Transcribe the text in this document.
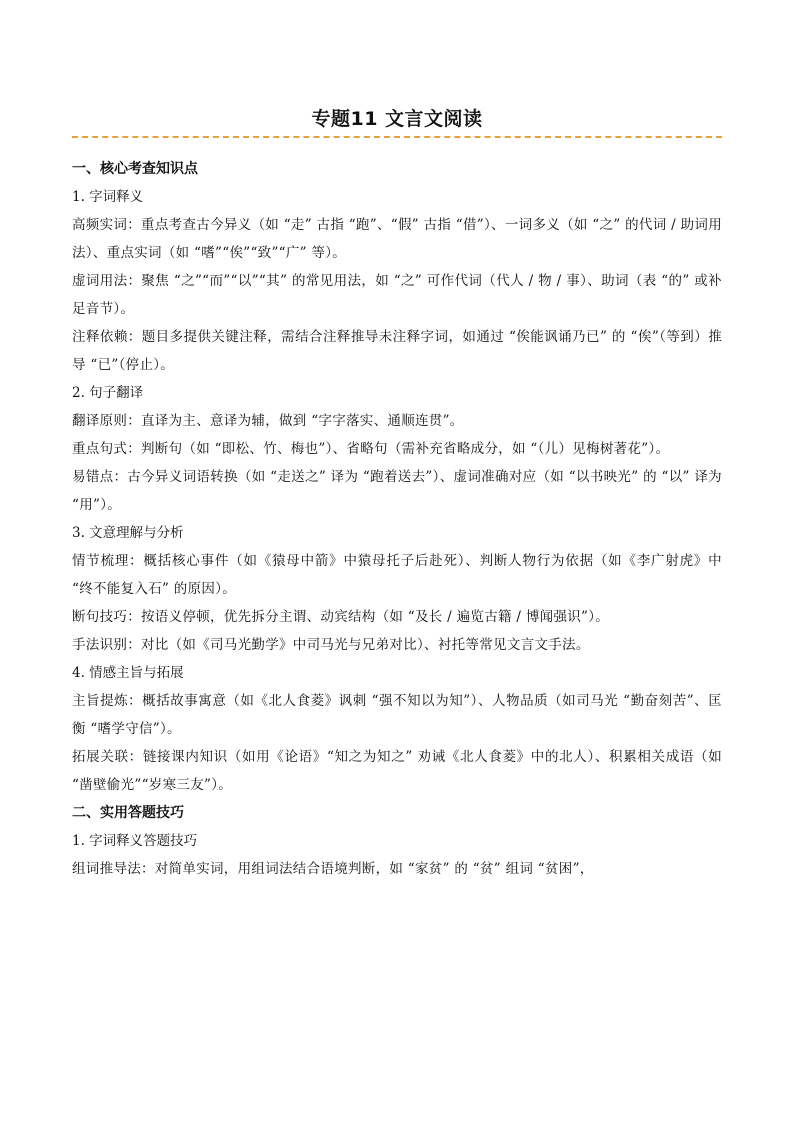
专题11 文言文阅读

一、核心考查知识点

1. 字词释义

高频实词：重点考查古今异义（如 “走” 古指 “跑”、“假” 古指 “借”）、一词多义（如 “之” 的代词 / 助词用法）、重点实词（如 “嗜”“俟”“致”“广” 等）。

虚词用法：聚焦 “之”“而”“以”“其” 的常见用法，如 “之” 可作代词（代人 / 物 / 事）、助词（表 “的” 或补足音节）。

注释依赖：题目多提供关键注释，需结合注释推导未注释字词，如通过 “俟能讽诵乃已” 的 “俟”（等到）推导 “已”（停止）。

2. 句子翻译

翻译原则：直译为主、意译为辅，做到 “字字落实、通顺连贯”。

重点句式：判断句（如 “即松、竹、梅也”）、省略句（需补充省略成分，如 “（儿）见梅树著花”）。

易错点：古今异义词语转换（如 “走送之” 译为 “跑着送去”）、虚词准确对应（如 “以书映光” 的 “以” 译为 “用”）。

3. 文意理解与分析

情节梳理：概括核心事件（如《猿母中箭》中猿母托子后赴死）、判断人物行为依据（如《李广射虎》中 “终不能复入石” 的原因）。

断句技巧：按语义停顿，优先拆分主谓、动宾结构（如 “及长 / 遍览古籍 / 博闻强识”）。

手法识别：对比（如《司马光勤学》中司马光与兄弟对比）、衬托等常见文言文手法。

4. 情感主旨与拓展

主旨提炼：概括故事寓意（如《北人食菱》讽刺 “强不知以为知”）、人物品质（如司马光 “勤奋刻苦”、匡衡 “嗜学守信”）。

拓展关联：链接课内知识（如用《论语》“知之为知之” 劝诫《北人食菱》中的北人）、积累相关成语（如 “凿壁偷光”“岁寒三友”）。

二、实用答题技巧

1. 字词释义答题技巧

组词推导法：对简单实词，用组词法结合语境判断，如 “家贫” 的 “贫” 组词 “贫困”，
